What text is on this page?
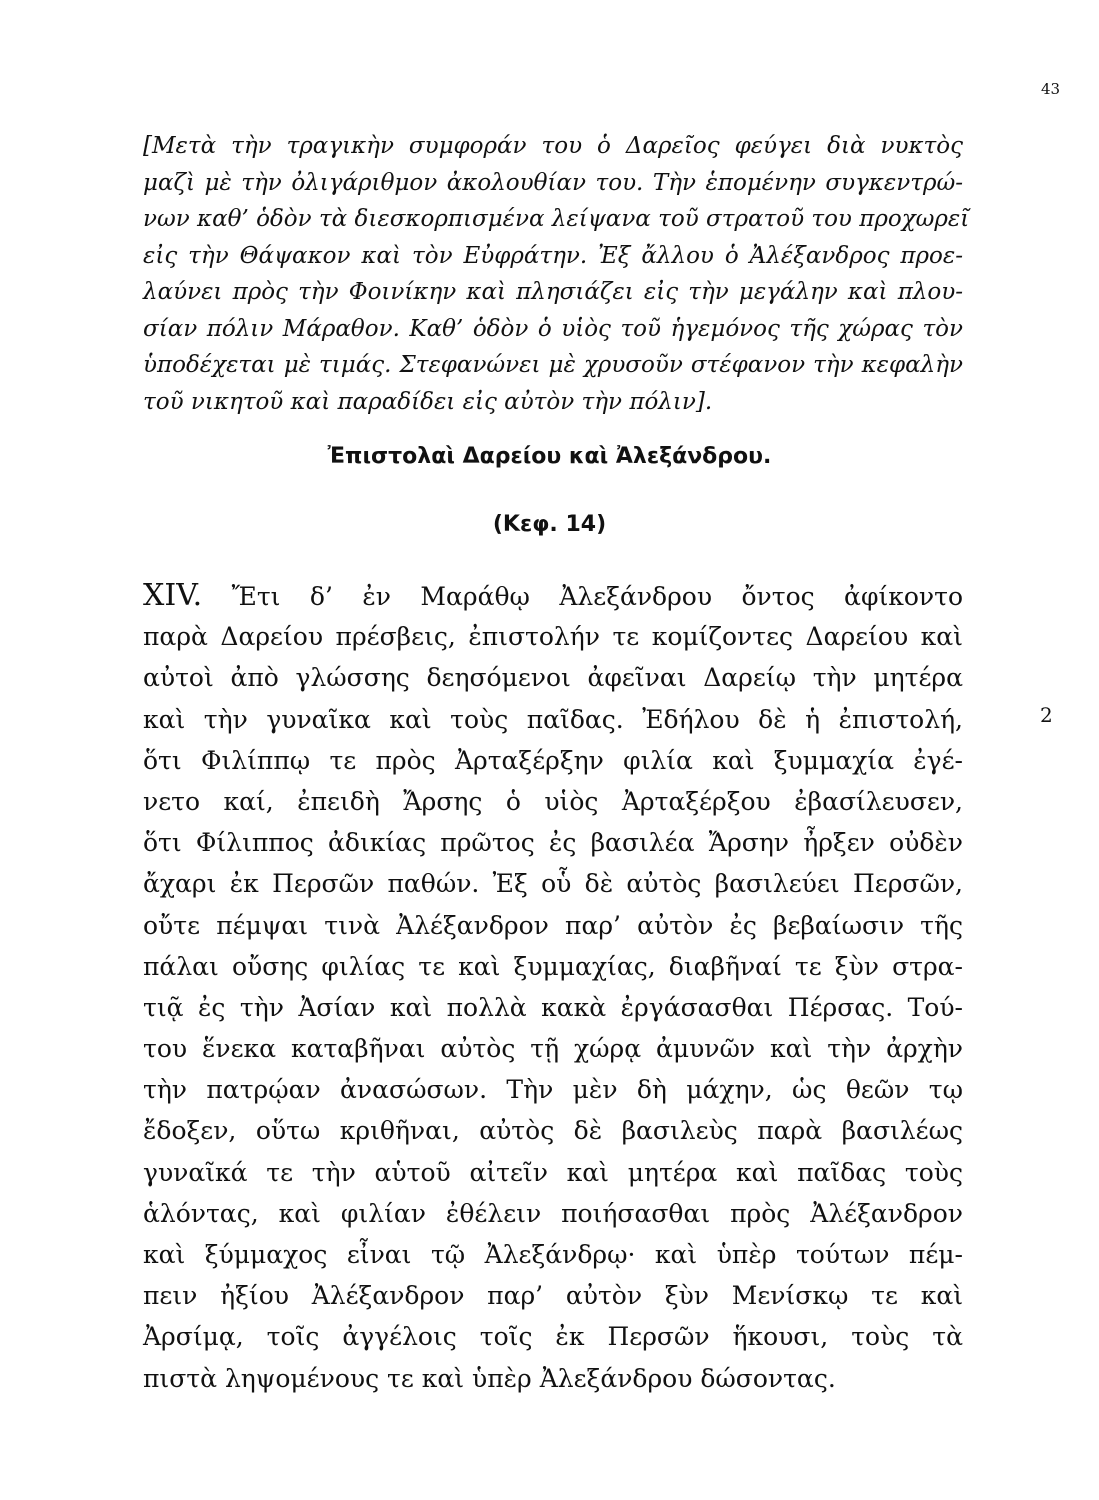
43
[Μετὰ τὴν τραγικὴν συμφοράν του ὁ Δαρεῖος φεύγει διὰ νυκτὸς
μαζὶ μὲ τὴν ὀλιγάριθμον ἀκολουθίαν του. Τὴν ἑπομένην συγκεντρώ-
νων καθ’ ὁδὸν τὰ διεσκορπισμένα λείψανα τοῦ στρατοῦ του προχωρεῖ
εἰς τὴν Θάψακον καὶ τὸν Εὐφράτην. Ἐξ ἄλλου ὁ Ἀλέξανδρος προε-
λαύνει πρὸς τὴν Φοινίκην καὶ πλησιάζει εἰς τὴν μεγάλην καὶ πλου-
σίαν πόλιν Μάραθον. Καθ’ ὁδὸν ὁ υἱὸς τοῦ ἡγεμόνος τῆς χώρας τὸν
ὑποδέχεται μὲ τιμάς. Στεφανώνει μὲ χρυσοῦν στέφανον τὴν κεφαλὴν
τοῦ νικητοῦ καὶ παραδίδει εἰς αὐτὸν τὴν πόλιν].
Ἐπιστολαὶ Δαρείου καὶ Ἀλεξάνδρου.
(Κεφ. 14)
XIV. Ἔτι δ’ ἐν Μαράθῳ Ἀλεξάνδρου ὄντος ἀφίκοντο
παρὰ Δαρείου πρέσβεις, ἐπιστολήν τε κομίζοντες Δαρείου καὶ
αὐτοὶ ἀπὸ γλώσσης δεησόμενοι ἀφεῖναι Δαρείῳ τὴν μητέρα
καὶ τὴν γυναῖκα καὶ τοὺς παῖδας. Ἐδήλου δὲ ἡ ἐπιστολή,
ὅτι Φιλίππῳ τε πρὸς Ἀρταξέρξην φιλία καὶ ξυμμαχία ἐγέ-
νετο καί, ἐπειδὴ Ἄρσης ὁ υἱὸς Ἀρταξέρξου ἐβασίλευσεν,
ὅτι Φίλιππος ἀδικίας πρῶτος ἐς βασιλέα Ἄρσην ἦρξεν οὐδὲν
ἄχαρι ἐκ Περσῶν παθών. Ἐξ οὗ δὲ αὐτὸς βασιλεύει Περσῶν,
οὔτε πέμψαι τινὰ Ἀλέξανδρον παρ’ αὐτὸν ἐς βεβαίωσιν τῆς
πάλαι οὔσης φιλίας τε καὶ ξυμμαχίας, διαβῆναί τε ξὺν στρα-
τιᾷ ἐς τὴν Ἀσίαν καὶ πολλὰ κακὰ ἐργάσασθαι Πέρσας. Τού-
του ἕνεκα καταβῆναι αὐτὸς τῇ χώρᾳ ἀμυνῶν καὶ τὴν ἀρχὴν
τὴν πατρῴαν ἀνασώσων. Τὴν μὲν δὴ μάχην, ὡς θεῶν τῳ
ἔδοξεν, οὕτω κριθῆναι, αὐτὸς δὲ βασιλεὺς παρὰ βασιλέως
γυναῖκά τε τὴν αὑτοῦ αἰτεῖν καὶ μητέρα καὶ παῖδας τοὺς
ἁλόντας, καὶ φιλίαν ἐθέλειν ποιήσασθαι πρὸς Ἀλέξανδρον
καὶ ξύμμαχος εἶναι τῷ Ἀλεξάνδρῳ· καὶ ὑπὲρ τούτων πέμ-
πειν ἠξίου Ἀλέξανδρον παρ’ αὐτὸν ξὺν Μενίσκῳ τε καὶ
Ἀρσίμᾳ, τοῖς ἀγγέλοις τοῖς ἐκ Περσῶν ἥκουσι, τοὺς τὰ
πιστὰ ληψομένους τε καὶ ὑπὲρ Ἀλεξάνδρου δώσοντας.
2
